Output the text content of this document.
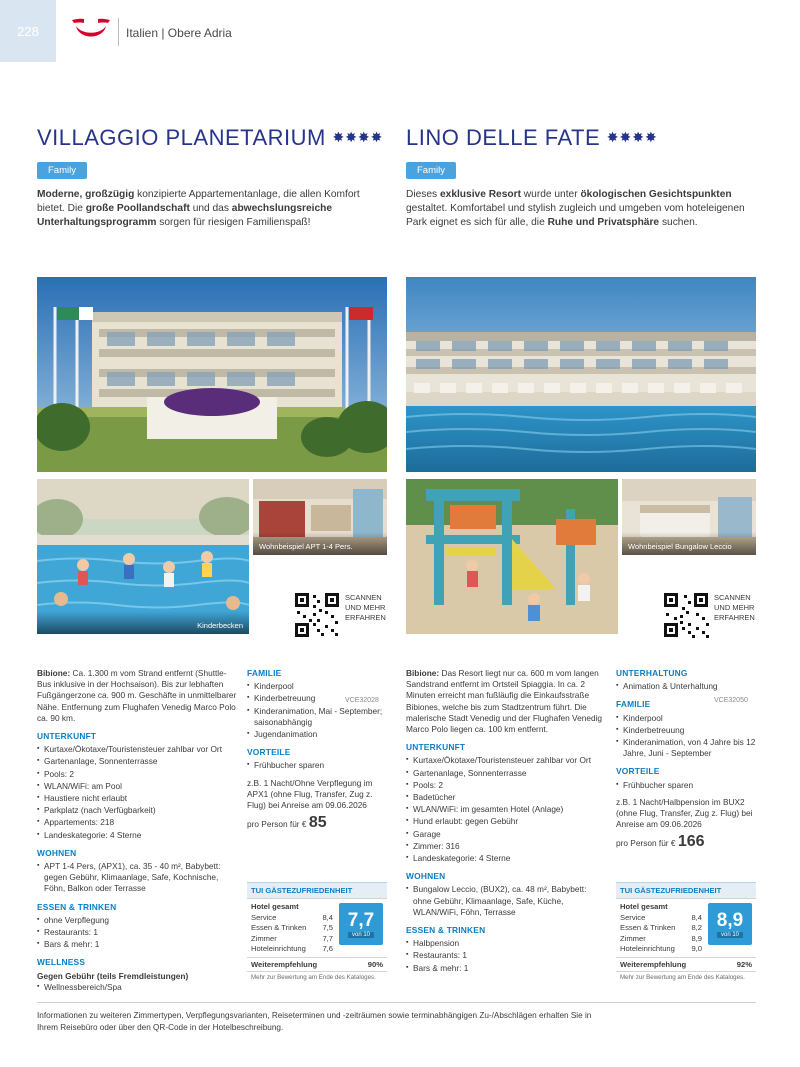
228	Italien | Obere Adria
VILLAGGIO PLANETARIUM ✸✸✸✸
Family

Moderne, großzügig konzipierte Appartementanlage, die allen Komfort bietet. Die große Poollandschaft und das abwechslungsreiche Unterhaltungsprogramm sorgen für riesigen Familienspaß!

LINO DELLE FATE ✸✸✸✸
Family

Dieses exklusive Resort wurde unter ökologischen Gesichtspunkten gestaltet. Komfortabel und stylish zugleich und umgeben vom hoteleigenen Park eignet es sich für alle, die Ruhe und Privatsphäre suchen.

Kinderbecken
Wohnbeispiel APT 1-4 Pers.
SCANNEN UND MEHR ERFAHREN
VCE32028
Wohnbeispiel Bungalow Leccio
SCANNEN UND MEHR ERFAHREN
VCE32050

Bibione: Ca. 1.300 m vom Strand entfernt (Shuttle-Bus inklusive in der Hochsaison). Bis zur lebhaften Fußgängerzone ca. 900 m. Geschäfte in unmittelbarer Nähe. Entfernung zum Flughafen Venedig Marco Polo ca. 90 km.

UNTERKUNFT
▪ Kurtaxe/Ökotaxe/Touristensteuer zahlbar vor Ort
▪ Gartenanlage, Sonnenterrasse
▪ Pools: 2
▪ WLAN/WiFi: am Pool
▪ Haustiere nicht erlaubt
▪ Parkplatz (nach Verfügbarkeit)
▪ Appartements: 218
▪ Landeskategorie: 4 Sterne
WOHNEN
▪ APT 1-4 Pers, (APX1), ca. 35 - 40 m², Babybett: gegen Gebühr, Klimaanlage, Safe, Kochnische, Föhn, Balkon oder Terrasse
ESSEN & TRINKEN
▪ ohne Verpflegung
▪ Restaurants: 1
▪ Bars & mehr: 1
WELLNESS
Gegen Gebühr (teils Fremdleistungen)
▪ Wellnessbereich/Spa
FAMILIE
▪ Kinderpool
▪ Kinderbetreuung
▪ Kinderanimation, Mai - September; saisonabhängig
▪ Jugendanimation
VORTEILE
▪ Frühbucher sparen

z.B. 1 Nacht/Ohne Verpflegung im APX1 (ohne Flug, Transfer, Zug z. Flug) bei Anreise am 09.06.2026

pro Person für € 85

Bibione: Das Resort liegt nur ca. 600 m vom langen Sandstrand entfernt im Ortsteil Spiaggia. In ca. 2 Minuten erreicht man fußläufig die Einkaufsstraße Bibiones, welche bis zum Stadtzentrum führt. Die malerische Stadt Venedig und der Flughafen Venedig Marco Polo liegen ca. 100 km entfernt.

UNTERKUNFT
▪ Kurtaxe/Ökotaxe/Touristensteuer zahlbar vor Ort
▪ Gartenanlage, Sonnenterrasse
▪ Pools: 2
▪ Badetücher
▪ WLAN/WiFi: im gesamten Hotel (Anlage)
▪ Hund erlaubt: gegen Gebühr
▪ Garage
▪ Zimmer: 316
▪ Landeskategorie: 4 Sterne
WOHNEN
▪ Bungalow Leccio, (BUX2), ca. 48 m², Babybett: ohne Gebühr, Klimaanlage, Safe, Küche, WLAN/WiFi, Föhn, Terrasse
ESSEN & TRINKEN
▪ Halbpension
▪ Restaurants: 1
▪ Bars & mehr: 1
UNTERHALTUNG
▪ Animation & Unterhaltung
FAMILIE
▪ Kinderpool
▪ Kinderbetreuung
▪ Kinderanimation, von 4 Jahre bis 12 Jahre, Juni - September
VORTEILE
▪ Frühbucher sparen

z.B. 1 Nacht/Halbpension im BUX2 (ohne Flug, Transfer, Zug z. Flug) bei Anreise am 09.06.2026

pro Person für € 166
TUI GÄSTEZUFRIEDENHEIT
Hotel gesamt
Service	8,4
Essen & Trinken 7,5
Zimmer	7,7
Hoteleinrichtung 7,6
7,7
von 10
Weiterempfehlung	90%
Mehr zur Bewertung am Ende des Kataloges.
TUI GÄSTEZUFRIEDENHEIT
Hotel gesamt
Service	8,4
Essen & Trinken 8,2
Zimmer	8,9
Hoteleinrichtung 9,0
8,9
von 10
Weiterempfehlung	92%
Mehr zur Bewertung am Ende des Kataloges.
Informationen zu weiteren Zimmertypen, Verpflegungsvarianten, Reiseterminen und -zeiträumen sowie terminabhängigen Zu-/Abschlägen erhalten Sie in Ihrem Reisebüro oder über den QR-Code in der Hotelbeschreibung.
